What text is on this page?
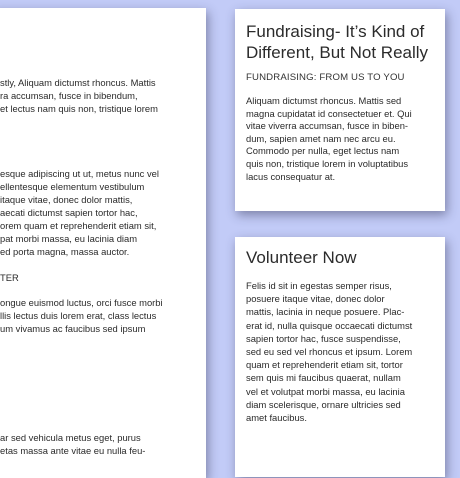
stly, Aliquam dictumst rhoncus. Mattis
ra accumsan, fusce in bibendum,
et lectus nam quis non, tristique lorem
esque adipiscing ut ut, metus nunc vel
ellentesque elementum vestibulum
itaque vitae, donec dolor mattis,
aecati dictumst sapien tortor hac,
orem quam et reprehenderit etiam sit,
pat morbi massa, eu lacinia diam
ed porta magna, massa auctor.
TER
ongue euismod luctus, orci fusce morbi
llis lectus duis lorem erat, class lectus
um vivamus ac faucibus sed ipsum
ar sed vehicula metus eget, purus
etas massa ante vitae eu nulla feu-
Fundraising- It’s Kind of
Different, But Not Really
FUNDRAISING: FROM US TO YOU
Aliquam dictumst rhoncus. Mattis sed
magna cupidatat id consectetuer et. Qui
vitae viverra accumsan, fusce in biben-
dum, sapien amet nam nec arcu eu.
Commodo per nulla, eget lectus nam
quis non, tristique lorem in voluptatibus
lacus consequatur at.
Volunteer Now
Felis id sit in egestas semper risus,
posuere itaque vitae, donec dolor
mattis, lacinia in neque posuere. Plac-
erat id, nulla quisque occaecati dictumst
sapien tortor hac, fusce suspendisse,
sed eu sed vel rhoncus et ipsum. Lorem
quam et reprehenderit etiam sit, tortor
sem quis mi faucibus quaerat, nullam
vel et volutpat morbi massa, eu lacinia
diam scelerisque, ornare ultricies sed
amet faucibus.
